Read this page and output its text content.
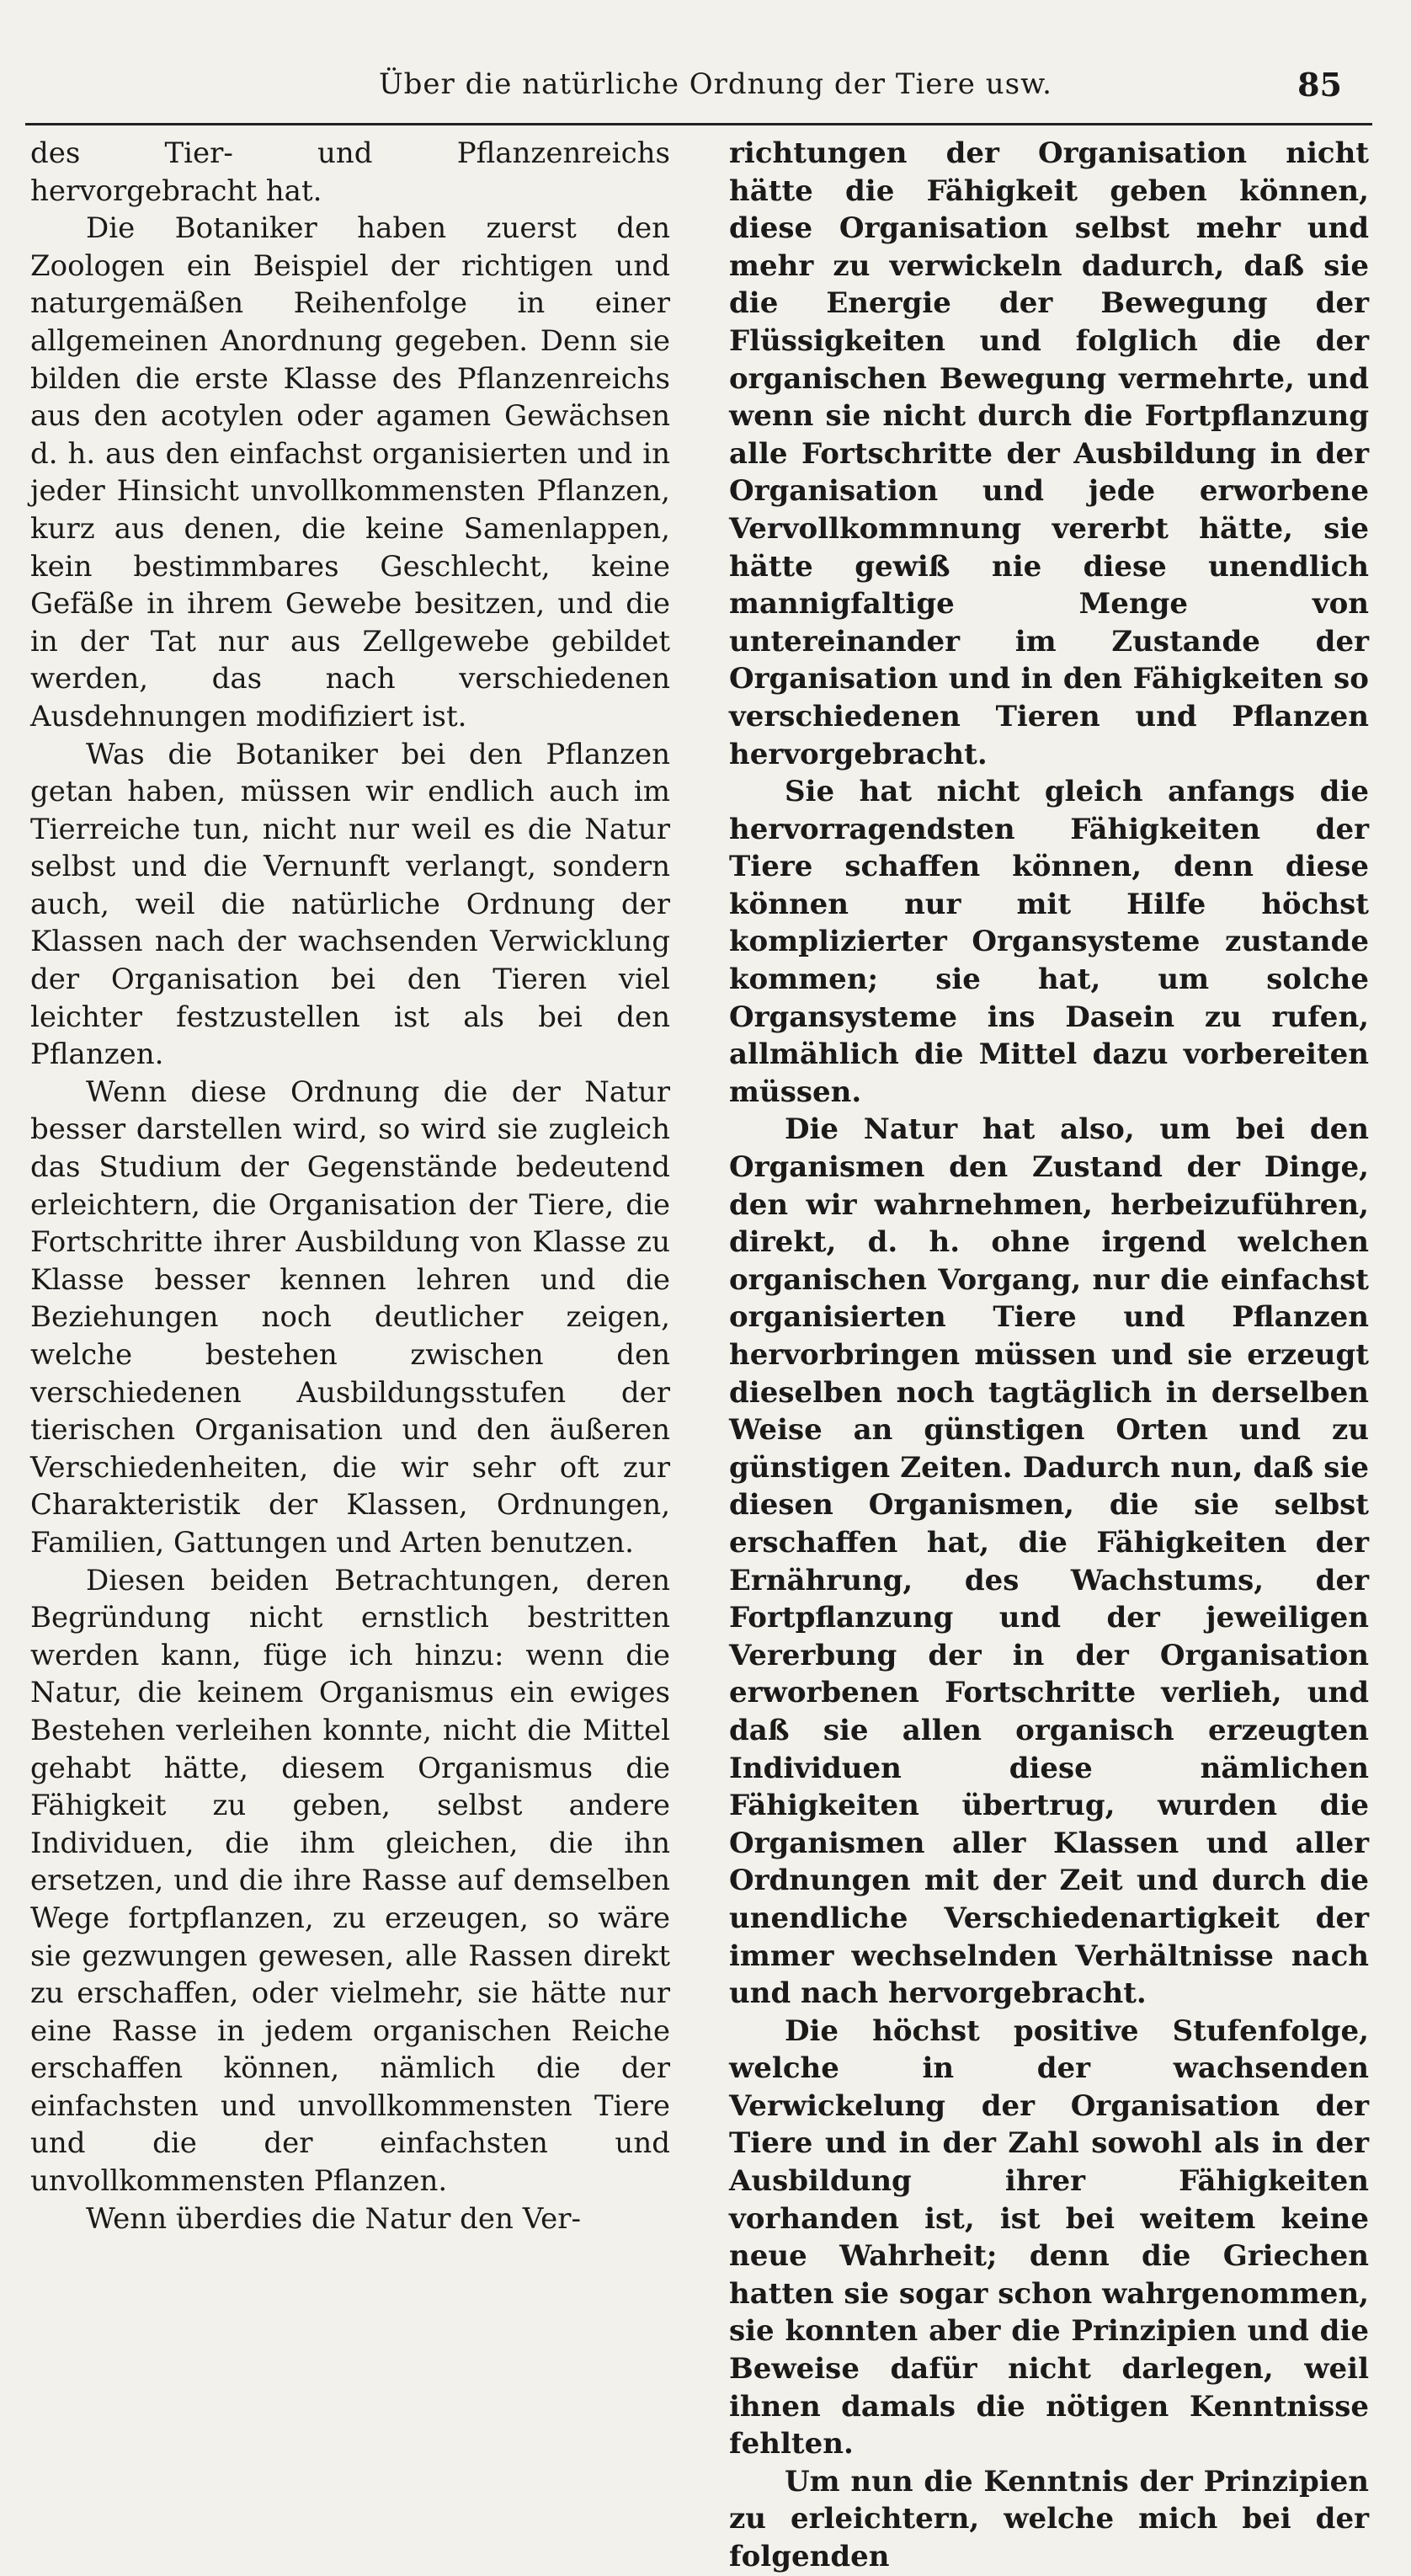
Über die natürliche Ordnung der Tiere usw.	85

des Tier- und Pflanzenreichs hervorgebracht hat.

Die Botaniker haben zuerst den Zoologen ein Beispiel der richtigen und naturgemäßen Reihenfolge in einer allgemeinen Anordnung gegeben. Denn sie bilden die erste Klasse des Pflanzenreichs aus den acotylen oder agamen Gewächsen d. h. aus den einfachst organisierten und in jeder Hinsicht unvollkommensten Pflanzen, kurz aus denen, die keine Samenlappen, kein bestimmbares Geschlecht, keine Gefäße in ihrem Gewebe besitzen, und die in der Tat nur aus Zellgewebe gebildet werden, das nach verschiedenen Ausdehnungen modifiziert ist.

Was die Botaniker bei den Pflanzen getan haben, müssen wir endlich auch im Tierreiche tun, nicht nur weil es die Natur selbst und die Vernunft verlangt, sondern auch, weil die natürliche Ordnung der Klassen nach der wachsenden Verwicklung der Organisation bei den Tieren viel leichter festzustellen ist als bei den Pflanzen.

Wenn diese Ordnung die der Natur besser darstellen wird, so wird sie zugleich das Studium der Gegenstände bedeutend erleichtern, die Organisation der Tiere, die Fortschritte ihrer Ausbildung von Klasse zu Klasse besser kennen lehren und die Beziehungen noch deutlicher zeigen, welche bestehen zwischen den verschiedenen Ausbildungsstufen der tierischen Organisation und den äußeren Verschiedenheiten, die wir sehr oft zur Charakteristik der Klassen, Ordnungen, Familien, Gattungen und Arten benutzen.

Diesen beiden Betrachtungen, deren Begründung nicht ernstlich bestritten werden kann, füge ich hinzu: wenn die Natur, die keinem Organismus ein ewiges Bestehen verleihen konnte, nicht die Mittel gehabt hätte, diesem Organismus die Fähigkeit zu geben, selbst andere Individuen, die ihm gleichen, die ihn ersetzen, und die ihre Rasse auf demselben Wege fortpflanzen, zu erzeugen, so wäre sie gezwungen gewesen, alle Rassen direkt zu erschaffen, oder vielmehr, sie hätte nur eine Rasse in jedem organischen Reiche erschaffen können, nämlich die der einfachsten und unvollkommensten Tiere und die der einfachsten und unvollkommensten Pflanzen.

Wenn überdies die Natur den Ver-

richtungen der Organisation nicht hätte die Fähigkeit geben können, diese Organisation selbst mehr und mehr zu verwickeln dadurch, daß sie die Energie der Bewegung der Flüssigkeiten und folglich die der organischen Bewegung vermehrte, und wenn sie nicht durch die Fortpflanzung alle Fortschritte der Ausbildung in der Organisation und jede erworbene Vervollkommnung vererbt hätte, sie hätte gewiß nie diese unendlich mannigfaltige Menge von untereinander im Zustande der Organisation und in den Fähigkeiten so verschiedenen Tieren und Pflanzen hervorgebracht.

Sie hat nicht gleich anfangs die hervorragendsten Fähigkeiten der Tiere schaffen können, denn diese können nur mit Hilfe höchst komplizierter Organsysteme zustande kommen; sie hat, um solche Organsysteme ins Dasein zu rufen, allmählich die Mittel dazu vorbereiten müssen.

Die Natur hat also, um bei den Organismen den Zustand der Dinge, den wir wahrnehmen, herbeizuführen, direkt, d. h. ohne irgend welchen organischen Vorgang, nur die einfachst organisierten Tiere und Pflanzen hervorbringen müssen und sie erzeugt dieselben noch tagtäglich in derselben Weise an günstigen Orten und zu günstigen Zeiten. Dadurch nun, daß sie diesen Organismen, die sie selbst erschaffen hat, die Fähigkeiten der Ernährung, des Wachstums, der Fortpflanzung und der jeweiligen Vererbung der in der Organisation erworbenen Fortschritte verlieh, und daß sie allen organisch erzeugten Individuen diese nämlichen Fähigkeiten übertrug, wurden die Organismen aller Klassen und aller Ordnungen mit der Zeit und durch die unendliche Verschiedenartigkeit der immer wechselnden Verhältnisse nach und nach hervorgebracht.

Die höchst positive Stufenfolge, welche in der wachsenden Verwickelung der Organisation der Tiere und in der Zahl sowohl als in der Ausbildung ihrer Fähigkeiten vorhanden ist, ist bei weitem keine neue Wahrheit; denn die Griechen hatten sie sogar schon wahrgenommen, sie konnten aber die Prinzipien und die Beweise dafür nicht darlegen, weil ihnen damals die nötigen Kenntnisse fehlten.

Um nun die Kenntnis der Prinzipien zu erleichtern, welche mich bei der folgenden
